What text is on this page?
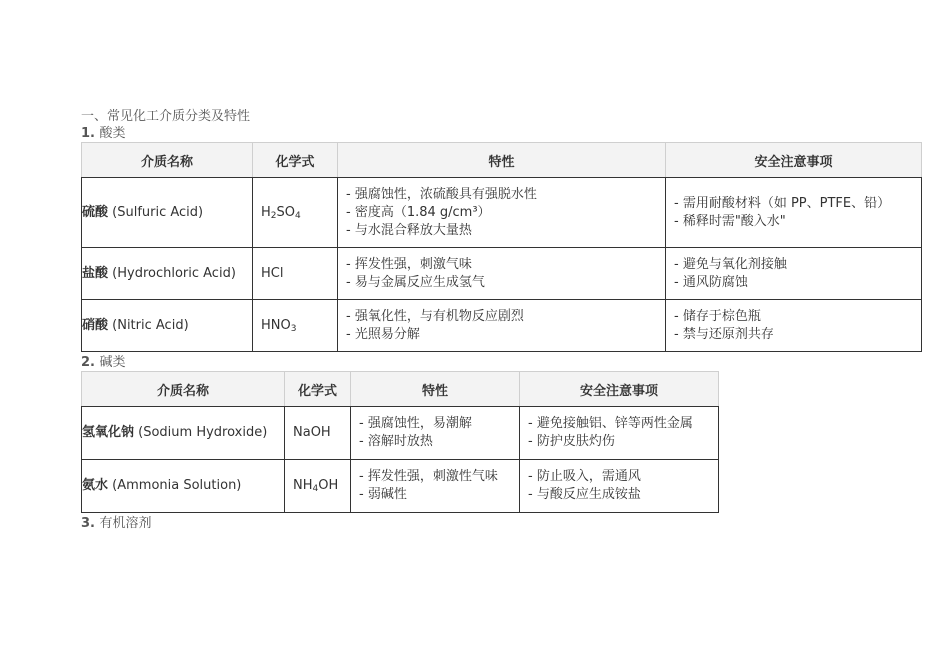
一、常见化工介质分类及特性
1. 酸类
介质名称	化学式	特性	安全注意事项
硫酸 (Sulfuric Acid)	$H_2SO_4$	- 强腐蚀性，浓硫酸具有强脱水性
- 密度高（1.84 g/cm³）
- 与水混合释放大量热	- 需用耐酸材料（如 PP、PTFE、铅）
- 稀释时需"酸入水"

盐酸 (Hydrochloric Acid)	HCl	- 挥发性强，刺激气味
- 易与金属反应生成氢气	- 避免与氧化剂接触
- 通风防腐蚀

硝酸 (Nitric Acid)	$HNO_3$	- 强氧化性，与有机物反应剧烈
- 光照易分解	- 储存于棕色瓶
- 禁与还原剂共存
2. 碱类
介质名称	化学式	特性	安全注意事项
氢氧化钠 (Sodium Hydroxide)	NaOH	- 强腐蚀性，易潮解
- 溶解时放热	- 避免接触铝、锌等两性金属
- 防护皮肤灼伤

氨水 (Ammonia Solution)	$NH_4OH$	- 挥发性强，刺激性气味
- 弱碱性	- 防止吸入，需通风
- 与酸反应生成铵盐
3. 有机溶剂
